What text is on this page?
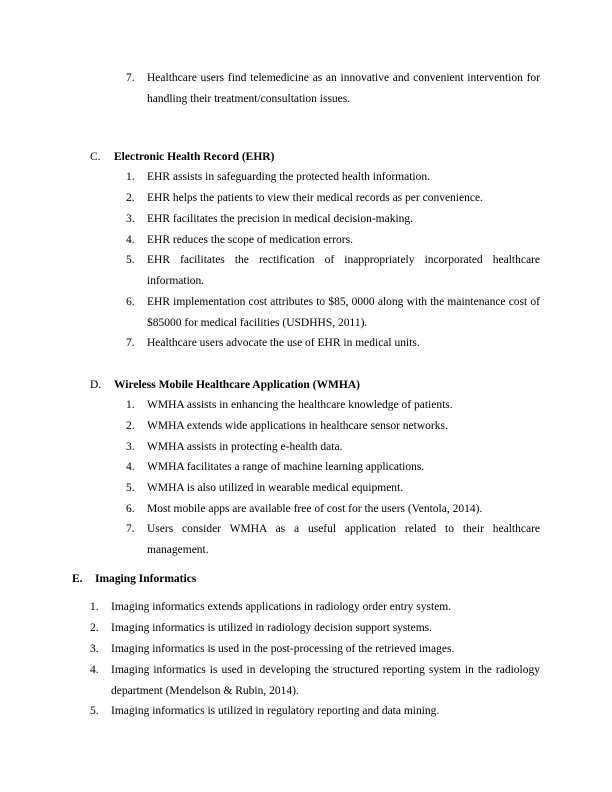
7. Healthcare users find telemedicine as an innovative and convenient intervention for handling their treatment/consultation issues.
C. Electronic Health Record (EHR)
1. EHR assists in safeguarding the protected health information.
2. EHR helps the patients to view their medical records as per convenience.
3. EHR facilitates the precision in medical decision-making.
4. EHR reduces the scope of medication errors.
5. EHR facilitates the rectification of inappropriately incorporated healthcare information.
6. EHR implementation cost attributes to $85, 0000 along with the maintenance cost of $85000 for medical facilities (USDHHS, 2011).
7. Healthcare users advocate the use of EHR in medical units.
D. Wireless Mobile Healthcare Application (WMHA)
1. WMHA assists in enhancing the healthcare knowledge of patients.
2. WMHA extends wide applications in healthcare sensor networks.
3. WMHA assists in protecting e-health data.
4. WMHA facilitates a range of machine learning applications.
5. WMHA is also utilized in wearable medical equipment.
6. Most mobile apps are available free of cost for the users (Ventola, 2014).
7. Users consider WMHA as a useful application related to their healthcare management.
E. Imaging Informatics
1. Imaging informatics extends applications in radiology order entry system.
2. Imaging informatics is utilized in radiology decision support systems.
3. Imaging informatics is used in the post-processing of the retrieved images.
4. Imaging informatics is used in developing the structured reporting system in the radiology department (Mendelson & Rubin, 2014).
5. Imaging informatics is utilized in regulatory reporting and data mining.
